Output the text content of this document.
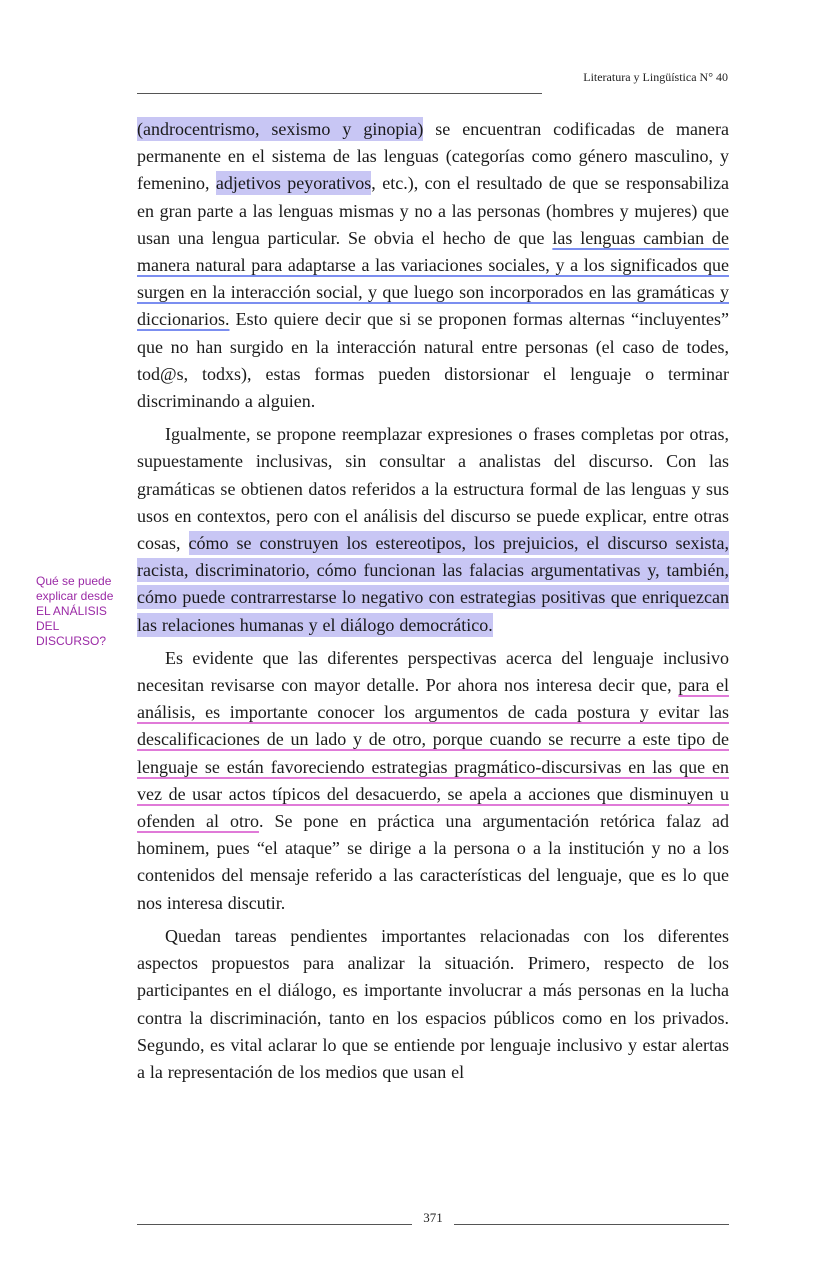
Literatura y Lingüística N° 40
Qué se puede
explicar desde
EL ANÁLISIS
DEL
DISCURSO?

(androcentrismo, sexismo y ginopia) se encuentran codificadas de manera permanente en el sistema de las lenguas (categorías como género masculino, y femenino, adjetivos peyorativos, etc.), con el resultado de que se responsabiliza en gran parte a las lenguas mismas y no a las personas (hombres y mujeres) que usan una lengua particular. Se obvia el hecho de que las lenguas cambian de manera natural para adaptarse a las variaciones sociales, y a los significados que surgen en la interacción social, y que luego son incorporados en las gramáticas y diccionarios. Esto quiere decir que si se proponen formas alternas “incluyentes” que no han surgido en la interacción natural entre personas (el caso de todes, tod@s, todxs), estas formas pueden distorsionar el lenguaje o terminar discriminando a alguien.

Igualmente, se propone reemplazar expresiones o frases completas por otras, supuestamente inclusivas, sin consultar a analistas del discurso. Con las gramáticas se obtienen datos referidos a la estructura formal de las lenguas y sus usos en contextos, pero con el análisis del discurso se puede explicar, entre otras cosas, cómo se construyen los estereotipos, los prejuicios, el discurso sexista, racista, discriminatorio, cómo funcionan las falacias argumentativas y, también, cómo puede contrarrestarse lo negativo con estrategias positivas que enriquezcan las relaciones humanas y el diálogo democrático.

Es evidente que las diferentes perspectivas acerca del lenguaje inclusivo necesitan revisarse con mayor detalle. Por ahora nos interesa decir que, para el análisis, es importante conocer los argumentos de cada postura y evitar las descalificaciones de un lado y de otro, porque cuando se recurre a este tipo de lenguaje se están favoreciendo estrategias pragmático-discursivas en las que en vez de usar actos típicos del desacuerdo, se apela a acciones que disminuyen u ofenden al otro. Se pone en práctica una argumentación retórica falaz ad hominem, pues “el ataque” se dirige a la persona o a la institución y no a los contenidos del mensaje referido a las características del lenguaje, que es lo que nos interesa discutir.

Quedan tareas pendientes importantes relacionadas con los diferentes aspectos propuestos para analizar la situación. Primero, respecto de los participantes en el diálogo, es importante involucrar a más personas en la lucha contra la discriminación, tanto en los espacios públicos como en los privados. Segundo, es vital aclarar lo que se entiende por lenguaje inclusivo y estar alertas a la representación de los medios que usan el

371
